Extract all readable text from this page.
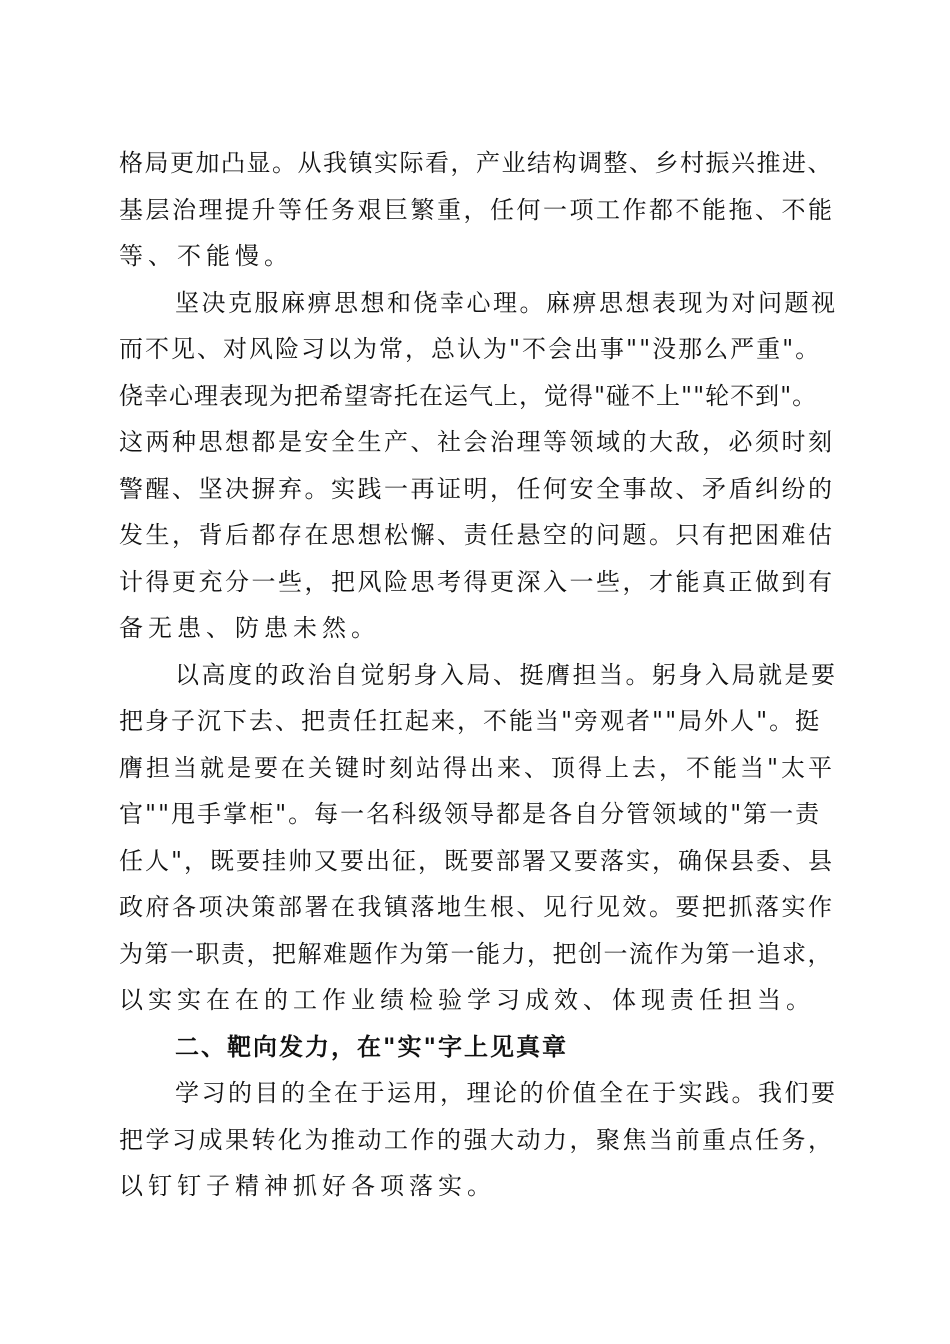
格局更加凸显。从我镇实际看，产业结构调整、乡村振兴推进、
基层治理提升等任务艰巨繁重，任何一项工作都不能拖、不能
等、不能慢。
坚决克服麻痹思想和侥幸心理。麻痹思想表现为对问题视
而不见、对风险习以为常，总认为"不会出事""没那么严重"。
侥幸心理表现为把希望寄托在运气上，觉得"碰不上""轮不到"。
这两种思想都是安全生产、社会治理等领域的大敌，必须时刻
警醒、坚决摒弃。实践一再证明，任何安全事故、矛盾纠纷的
发生，背后都存在思想松懈、责任悬空的问题。只有把困难估
计得更充分一些，把风险思考得更深入一些，才能真正做到有
备无患、防患未然。
以高度的政治自觉躬身入局、挺膺担当。躬身入局就是要
把身子沉下去、把责任扛起来，不能当"旁观者""局外人"。挺
膺担当就是要在关键时刻站得出来、顶得上去，不能当"太平
官""甩手掌柜"。每一名科级领导都是各自分管领域的"第一责
任人"，既要挂帅又要出征，既要部署又要落实，确保县委、县
政府各项决策部署在我镇落地生根、见行见效。要把抓落实作
为第一职责，把解难题作为第一能力，把创一流作为第一追求，
以实实在在的工作业绩检验学习成效、体现责任担当。
二、靶向发力，在"实"字上见真章
学习的目的全在于运用，理论的价值全在于实践。我们要
把学习成果转化为推动工作的强大动力，聚焦当前重点任务，
以钉钉子精神抓好各项落实。
